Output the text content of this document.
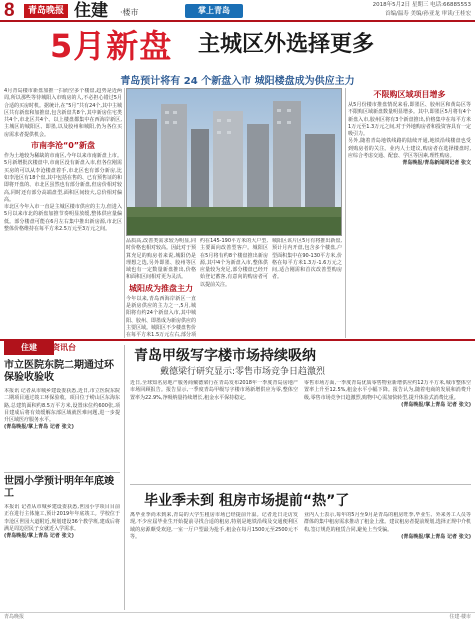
8	青岛晚报 住建 ·楼市	掌上青岛
2018年5月2日 星期三 电话:66885553
首编/温寿 美编/孙亚龙 审读/王桂宏
5月新盘 主城区外选择更多
青岛预计将有 24 个新盘入市 城阳楼盘成为供应主力
4月青岛楼市新盘加推一扫而空多个楼盘,趋势是近两周,所以那些等待城阳入市购房的人,不必担心错过5月合适的买房时机。据统计,在“5月”共有24个,其中主城区共有新盘和加推盘,包含新盘共8个,其中新房住宅类共4个,市北区共4个、以上楼盘都集中在西海岸新区,主城区的城阳区、即墨,以及胶州和城阳,仍为各位买房需求者提供机会。
市南李沧“0”新盘
作为土地较为稀缺的市南区,今年以来市南新盘上市。5月新增批次楼盘中,市南区没有新盘入市,但各位刚需买房的可以从李沧楼盘着手,市北区也有部分新房,比如李沧区有18个盘,其中包括在售的、已有预售证的和即将开盘的、市北区虽然也有部分新盘,但房价相对较高,同时还有部分高端盘型,面积区间较大,总价相对偏高。
市北区今年入市一直是主城区楼市供应的主力,但进入5月以来市北的新盘加推节奏明显放缓,整体供应量偏低。部分楼盘可能在6月左右集中推出新房源,市北区整体价格维持在每平方米2.5万元至3万元之间。
品质高,改善类需求较为明显,同时价格也相对较高。因此对于预算充足的购房者来说,城阳仍是理想之选,另外即墨、胶州等区域也有一定数量新盘推出,价格和面积区间相对更为灵活。
城阳成为推盘主力
今年以来,青岛西海岸新区一直是新房供应的主力之一,5月,城阳将有约24个新盘入市,其中城阳、胶州、即墨成为新房供应的主要区域。城阳区不少楼盘售价在每平方米1.5万元左右,部分项
约在145-190平方米的大户型,主要面向改善型客户。城阳区在5月将有约8个楼盘推出新房源,其中4个为新盘入市,整体供应量较为充足,部分楼盘已经开始登记蓄客,有意向的购房者可以提前关注。
城阳区该片区5月有将推出新盘,预计月内开盘,包含多个楼盘,户型面积集中在90-130平方米,价格在每平方米1.3万-1.6万元之间,适合刚需和首次改善型购房者。
不限购区域项目增多
从5月份楼市推盘情况来看,即墨区、胶州区和黄岛区等不限购区域新盘数量明显增多。其中,即墨区5月将有4个新盘入市,胶州区将有3个新盘推出,价格集中在每平方米1万元至1.3万元之间,对于外地购房者和投资客具有一定吸引力。
另外,随着青岛地铁线路的陆续开通,地铁沿线楼盘也受到购房者的关注。业内人士建议,购房者在选择楼盘时,应综合考虑交通、配套、学区等因素,理性购房。
青岛晚报/青岛新闻网记者 张文
住建	资讯台
市立医院东院二期通过环保验收验收
本报讯 记者从市城乡建设委获悉,近日,市立医院东院二期项目通过竣工环保验收。项目位于崂山区东海东路,总建筑面积约8.5万平方米,设置床位约600张,项目建成后将有效缓解东部区域就医难问题,进一步提升区域医疗服务水平。
(青岛晚报/掌上青岛 记者 张文)
世园小学预计明年年底竣工
本报讯 记者从市城乡建设委获悉,世园小学项目目前正在进行主体施工,预计2019年年底竣工。学校位于李沧区世园大道附近,规划建设36个教学班,建成后将满足周边居民子女就近入学需求。
(青岛晚报/掌上青岛 记者 张文)
青岛甲级写字楼市场持续吸纳
戴德梁行研究显示:零售市场竞争日趋激烈
近日,全球知名房地产服务商戴德梁行在青岛发布2018年一季度青岛房地产市场回顾报告。报告显示,一季度青岛甲级写字楼市场新增供应为零,整体空置率为22.9%,净吸纳量持续增长,租金水平保持稳定。
零售市场方面,一季度青岛优质零售物业新增供应约12万平方米,城市整体空置率上升至12.5%,租金水平小幅下降。报告认为,随着电商的发展和消费升级,零售市场竞争日趋激烈,购物中心需加快转型,提升体验式消费比重。
(青岛晚报/掌上青岛 记者 张文)
毕业季未到 租房市场提前“热”了
离毕业季尚未到来,青岛的大学生租房市场已经提前升温。记者近日走访发现,不少应届毕业生开始提前寻找合适的租房,特别是地铁沿线及交通便利区域的房源颇受欢迎,一室一厅户型最为抢手,租金在每月1500元至2500元不等。
业内人士表示,每年的5月至9月是青岛的租房旺季,毕业生、外来务工人员等群体的集中租房需求推动了租金上涨。建议租房者提前规划,选择正规中介机构,签订规范的租赁合同,避免上当受骗。
(青岛晚报/掌上青岛 记者 张文)
青岛晚报	住建·楼市
